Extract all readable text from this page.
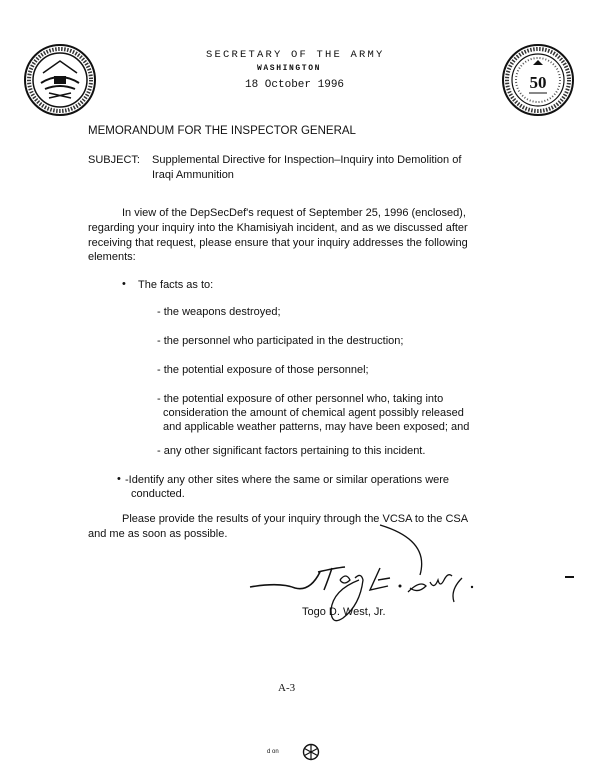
50
SECRETARY OF THE ARMY
WASHINGTON
18 October 1996
MEMORANDUM FOR THE INSPECTOR GENERAL
SUBJECT: Supplemental Directive for Inspection–Inquiry into Demolition of
Iraqi Ammunition
In view of the DepSecDef's request of September 25, 1996 (enclosed),
regarding your inquiry into the Khamisiyah incident, and as we discussed after
receiving that request, please ensure that your inquiry addresses the following
elements:
• The facts as to:
- the weapons destroyed;
- the personnel who participated in the destruction;
- the potential exposure of those personnel;
- the potential exposure of other personnel who, taking into
consideration the amount of chemical agent possibly released
and applicable weather patterns, may have been exposed; and
- any other significant factors pertaining to this incident.
• -Identify any other sites where the same or similar operations were
conducted.
Please provide the results of your inquiry through the VCSA to the CSA
and me as soon as possible.
Togo D. West, Jr.
A-3
d on
